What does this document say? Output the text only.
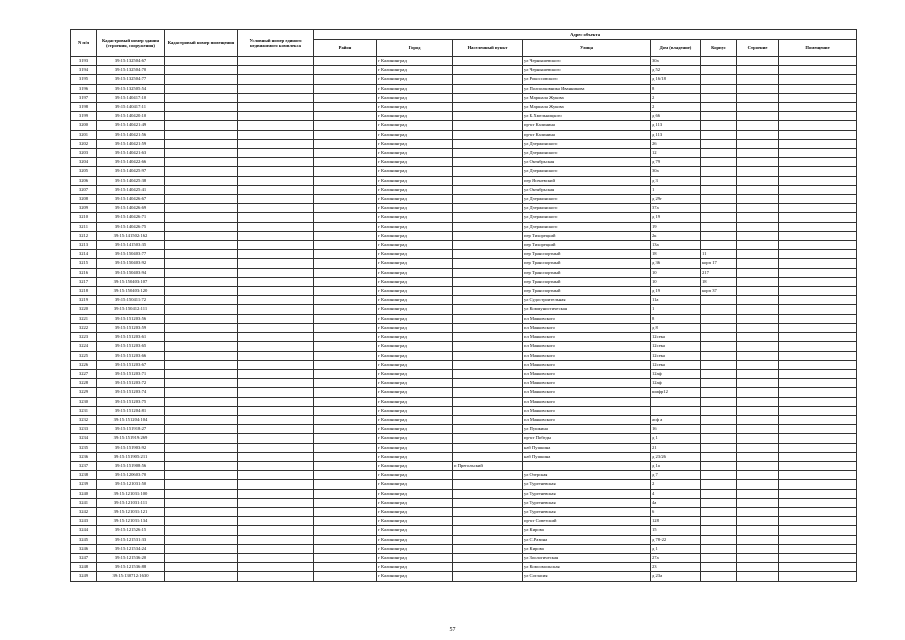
N п/п	Кадастровый номер здания (строения, сооружения)	Кадастровый номер помещения	Условный номер единого недвижимого комплекса	Адрес объекта							
				Район	Город	Населенный пункт	Улица	Дом (владение)	Корпус	Строение	Помещение
3193	39:15:132504:67				г Калининград		ул Чернышевского	30а			
3194	39:15:132504:70				г Калининград		ул Чернышевского	д 52			
3195	39:15:132504:77				г Калининград		ул Рокоссовского	д 16/18			
3196	39:15:132505:54				г Калининград		ул Полполковника Иванникова	8			
3197	39:15:140417:10				г Калининград		ул Маршала Жукова	2			
3198	39:15:140417:11				г Калининград		ул Маршала Жукова	2			
3199	39:15:140420:10				г Калининград		ул Б.Хмельницкого	д 66			
3200	39:15:140421:49				г Калининград		пр-кт Калинина	д 113			
3201	39:15:140421:56				г Калининград		пр-кт Калинина	д 113			
3202	39:15:140421:59				г Калининград		ул Дзержинского	26			
3203	39:15:140421:63				г Калининград		ул Дзержинского	12			
3204	39:15:140422:66				г Калининград		ул Октябрьская	д 79			
3205	39:15:140425:97				г Калининград		ул Дзержинского	30а			
3206	39:15:140425:38				г Калининград		пер Ясеневский	д 3			
3207	39:15:140425:41				г Калининград		ул Октябрьская	1			
3208	39:15:140426:67				г Калининград		ул Дзержинского	д 29г			
3209	39:15:140426:69				г Калининград		ул Дзержинского	37а			
3210	39:15:140426:71				г Калининград		ул Дзержинского	д 19			
3211	39:15:140426:75				г Калининград		ул Дзержинского	19			
3212	39:15:141502:162				г Калининград		пер Тихорецкий	2к			
3213	39:15:141503:35				г Калининград		пер Тихорецкий	13а			
3214	39:15:150403:77				г Калининград		пер Транспортный	18	11		
3215	39:15:150403:92				г Калининград		пер Транспортный	д 36	корп 17		
3216	39:15:150403:94				г Калининград		пер Транспортный	10	217		
3217	39:15:150403:107				г Калининград		пер Транспортный	10	18		
3218	39:15:150403:120				г Калининград		пер Транспортный	д 19	корп 37		
3219	39:15:150411:72				г Калининград		ул Судостроительная	11а			
3220	39:15:150412:111				г Калининград		ул Коммунистическая	1			
3221	39:15:151203:56				г Калининград		пл Маяковского	8			
3222	39:15:151203:59				г Калининград		пл Маяковского	д 8			
3223	39:15:151203:61				г Калининград		пл Маяковского	12сека			
3224	39:15:151203:65				г Калининград		пл Маяковского	12сека			
3225	39:15:151203:66				г Калининград		пл Маяковского	12сека			
3226	39:15:151203:67				г Калининград		пл Маяковского	12сека			
3227	39:15:151203:71				г Калининград		пл Маяковского	12аф			
3228	39:15:151203:72				г Калининград		пл Маяковского	12аф			
3229	39:15:151203:74				г Калининград		пл Маяковского	шифр12			
3230	39:15:151203:75				г Калининград		пл Маяковского				
3231	39:15:151204:81				г Калининград		пл Маяковского				
3232	39:15:151204:104				г Калининград		пл Маяковского	асф а			
3233	39:15:151918:27				г Калининград		ул Пушкина	16			
3234	39:15:151919:269				г Калининград		пр-кт Победы	д 1			
3235	39:15:151903:92				г Калининград		наб Пушкина	21			
3236	39:15:151905:211				г Калининград		наб Пушкина	д 23/26			
3237	39:15:151908:56				г Калининград	п Прегольский		д 1а			
3238	39:15:120603:70				г Калининград		ул Озерская	д 7			
3239	39:15:121031:50				г Калининград		ул Тургеневская	2			
3240	39:15:121031:100				г Калининград		ул Тургеневская	4			
3241	39:15:121031:111				г Калининград		ул Тургеневская	4а			
3242	39:15:121031:121				г Калининград		ул Тургеневская	6			
3243	39:15:121031:134				г Калининград		пр-кт Советский	128			
3244	39:15:121526:15				г Калининград		ул Кирова	15			
3245	39:15:121531:33				г Калининград		ул С.Разина	д 78-22			
3246	39:15:121534:24				г Калининград		ул Кирова	д 1			
3247	39:15:121536:20				г Калининград		ул Зоологическая	27а			
3248	39:15:121536:88				г Калининград		ул Комсомольская	23			
3249	39:15:130712:1630				г Калининград		ул Согласия	д 23а			
57
